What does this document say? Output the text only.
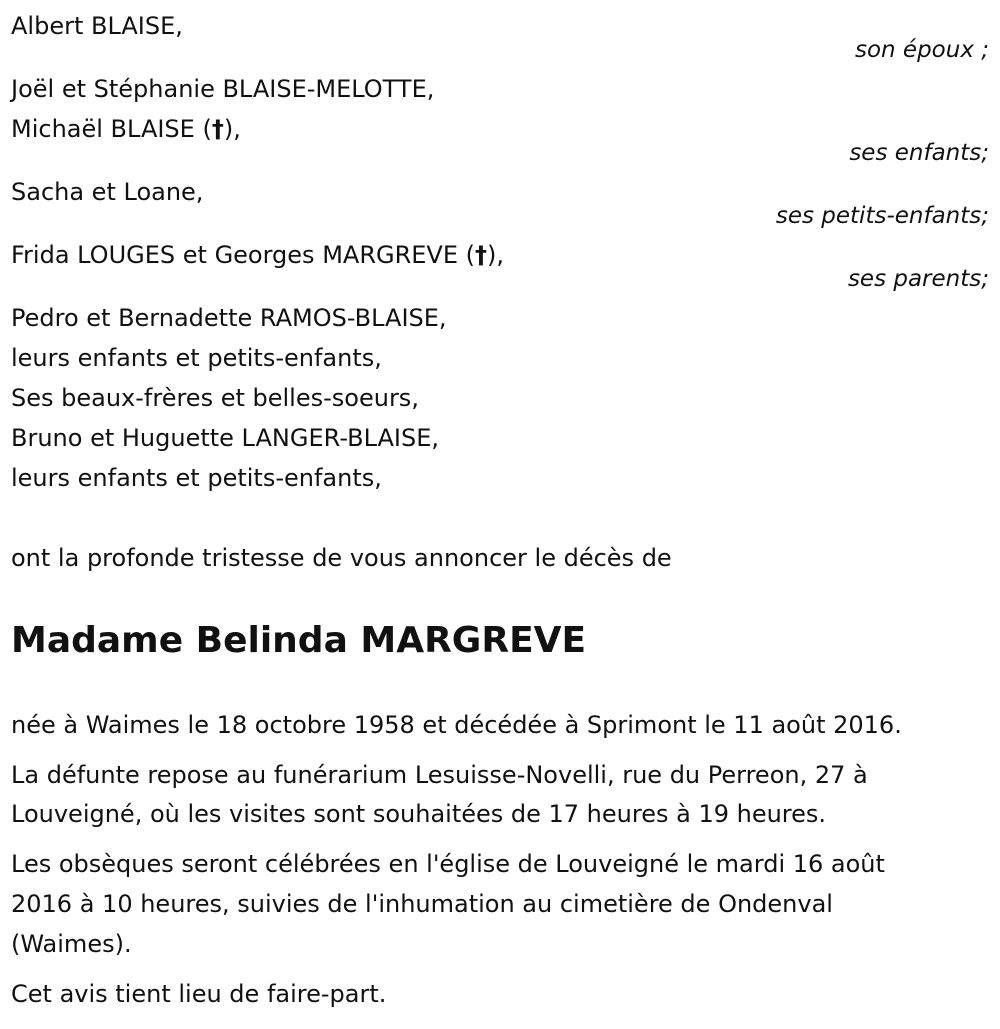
Albert BLAISE,
son époux ;
Joël et Stéphanie BLAISE-MELOTTE,
Michaël BLAISE (†),
ses enfants;
Sacha et Loane,
ses petits-enfants;
Frida LOUGES et Georges MARGREVE (†),
ses parents;
Pedro et Bernadette RAMOS-BLAISE,
leurs enfants et petits-enfants,
Ses beaux-frères et belles-soeurs,
Bruno et Huguette LANGER-BLAISE,
leurs enfants et petits-enfants,
ont la profonde tristesse de vous annoncer le décès de
Madame Belinda MARGREVE
née à Waimes le 18 octobre 1958 et décédée à Sprimont le 11 août 2016.
La défunte repose au funérarium Lesuisse-Novelli, rue du Perreon, 27 à
Louveigné, où les visites sont souhaitées de 17 heures à 19 heures.
Les obsèques seront célébrées en l'église de Louveigné le mardi 16 août
2016 à 10 heures, suivies de l'inhumation au cimetière de Ondenval
(Waimes).
Cet avis tient lieu de faire-part.
